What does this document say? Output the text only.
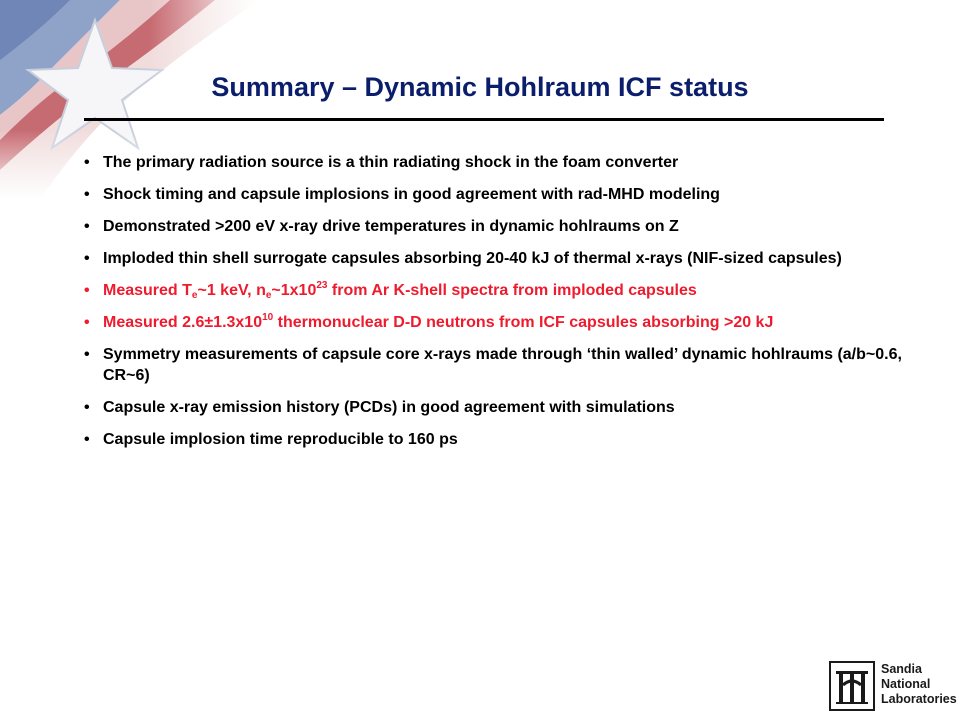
Summary – Dynamic Hohlraum ICF status
• The primary radiation source is a thin radiating shock in the foam converter
• Shock timing and capsule implosions in good agreement with rad-MHD modeling
• Demonstrated >200 eV x-ray drive temperatures in dynamic hohlraums on Z
• Imploded thin shell surrogate capsules absorbing 20-40 kJ of thermal x-rays (NIF-sized capsules)
• Measured $T_e\sim 1$ keV, $n_e\sim 1x10^{23}$ from Ar K-shell spectra from imploded capsules
• Measured $2.6\pm 1.3x10^{10}$ thermonuclear D-D neutrons from ICF capsules absorbing >20 kJ
• Symmetry measurements of capsule core x-rays made through ‘thin walled’ dynamic hohlraums (a/b~0.6, CR~6)
• Capsule x-ray emission history (PCDs) in good agreement with simulations
• Capsule implosion time reproducible to 160 ps
Sandia
National
Laboratories
